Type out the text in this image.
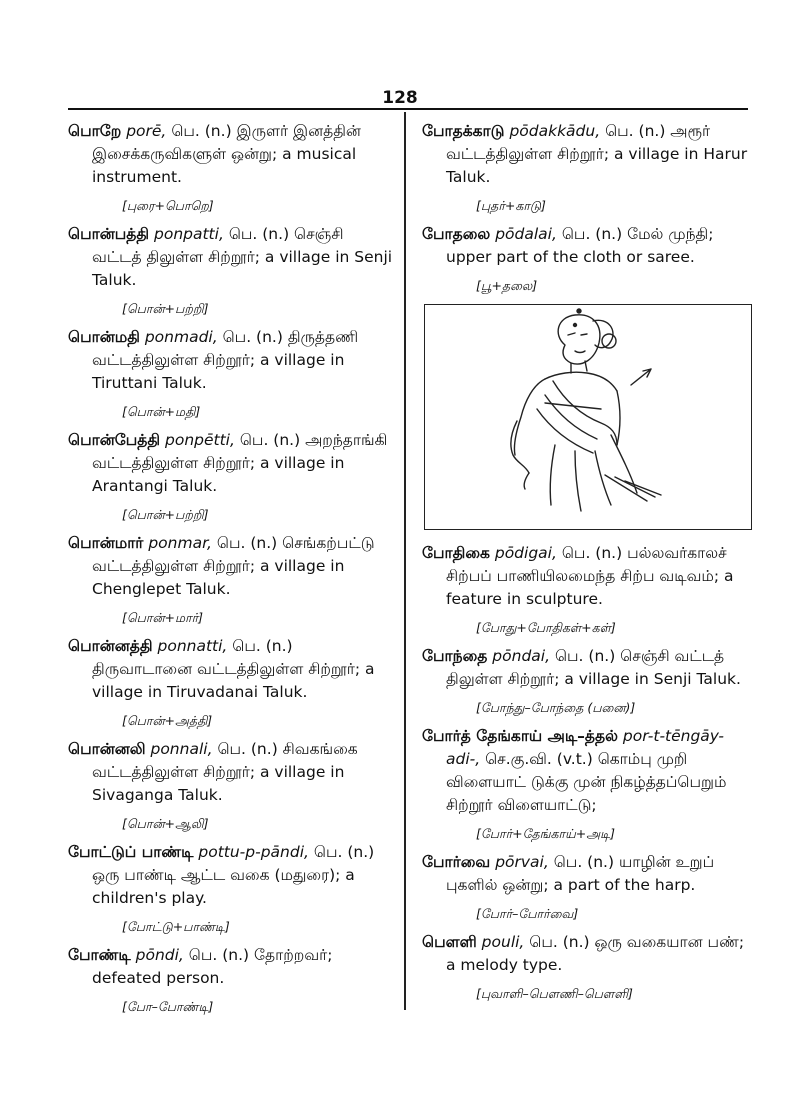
128
பொறே porē, பெ. (n.) இருளர் இனத்தின் இசைக்கருவிகளுள் ஒன்று; a musical instrument.
[புரை+பொறெ]
பொன்பத்தி ponpatti, பெ. (n.) செஞ்சி வட்டத் திலுள்ள சிற்றூர்; a village in Senji Taluk.
[பொன்+பற்றி]
பொன்மதி ponmadi, பெ. (n.) திருத்தணி வட்டத்திலுள்ள சிற்றூர்; a village in Tiruttani Taluk.
[பொன்+மதி]
பொன்பேத்தி ponpētti, பெ. (n.) அறந்தாங்கி வட்டத்திலுள்ள சிற்றூர்; a village in Arantangi Taluk.
[பொன்+பற்றி]
பொன்மார் ponmar, பெ. (n.) செங்கற்பட்டு வட்டத்திலுள்ள சிற்றூர்; a village in Chenglepet Taluk.
[பொன்+மார்]
பொன்னத்தி ponnatti, பெ. (n.) திருவாடானை வட்டத்திலுள்ள சிற்றூர்; a village in Tiruvadanai Taluk.
[பொன்+அத்தி]
பொன்னலி ponnali, பெ. (n.) சிவகங்கை வட்டத்திலுள்ள சிற்றூர்; a village in Sivaganga Taluk.
[பொன்+ஆலி]
போட்டுப் பாண்டி pottu-p-pāndi, பெ. (n.) ஒரு பாண்டி ஆட்ட வகை (மதுரை); a children's play.
[போட்டு+பாண்டி]
போண்டி pōndi, பெ. (n.) தோற்றவர்; defeated person.
[போ–போண்டி]
போதக்காடு pōdakkādu, பெ. (n.) அரூர் வட்டத்திலுள்ள சிற்றூர்; a village in Harur Taluk.
[புதர்+காடு]
போதலை pōdalai, பெ. (n.) மேல் முந்தி; upper part of the cloth or saree.
[பூ+தலை]
போதிகை pōdigai, பெ. (n.) பல்லவர்காலச் சிற்பப் பாணியிலமைந்த சிற்ப வடிவம்; a feature in sculpture.
[போது+போதிகள்+கள்]
போந்தை pōndai, பெ. (n.) செஞ்சி வட்டத் திலுள்ள சிற்றூர்; a village in Senji Taluk.
[போந்து–போந்தை (பனை)]
போர்த் தேங்காய் அடி–த்தல் por-t-tēngāy-adi-, செ.கு.வி. (v.t.) கொம்பு முறி விளையாட் டுக்கு முன் நிகழ்த்தப்பெறும் சிற்றூர் விளையாட்டு;
[போர்+தேங்காய்+அடி]
போர்வை pōrvai, பெ. (n.) யாழின் உறுப் புகளில் ஒன்று; a part of the harp.
[போர்–போர்வை]
பௌளி pouli, பெ. (n.) ஒரு வகையான பண்; a melody type.
[புவாளி–பௌணி–பௌளி]
